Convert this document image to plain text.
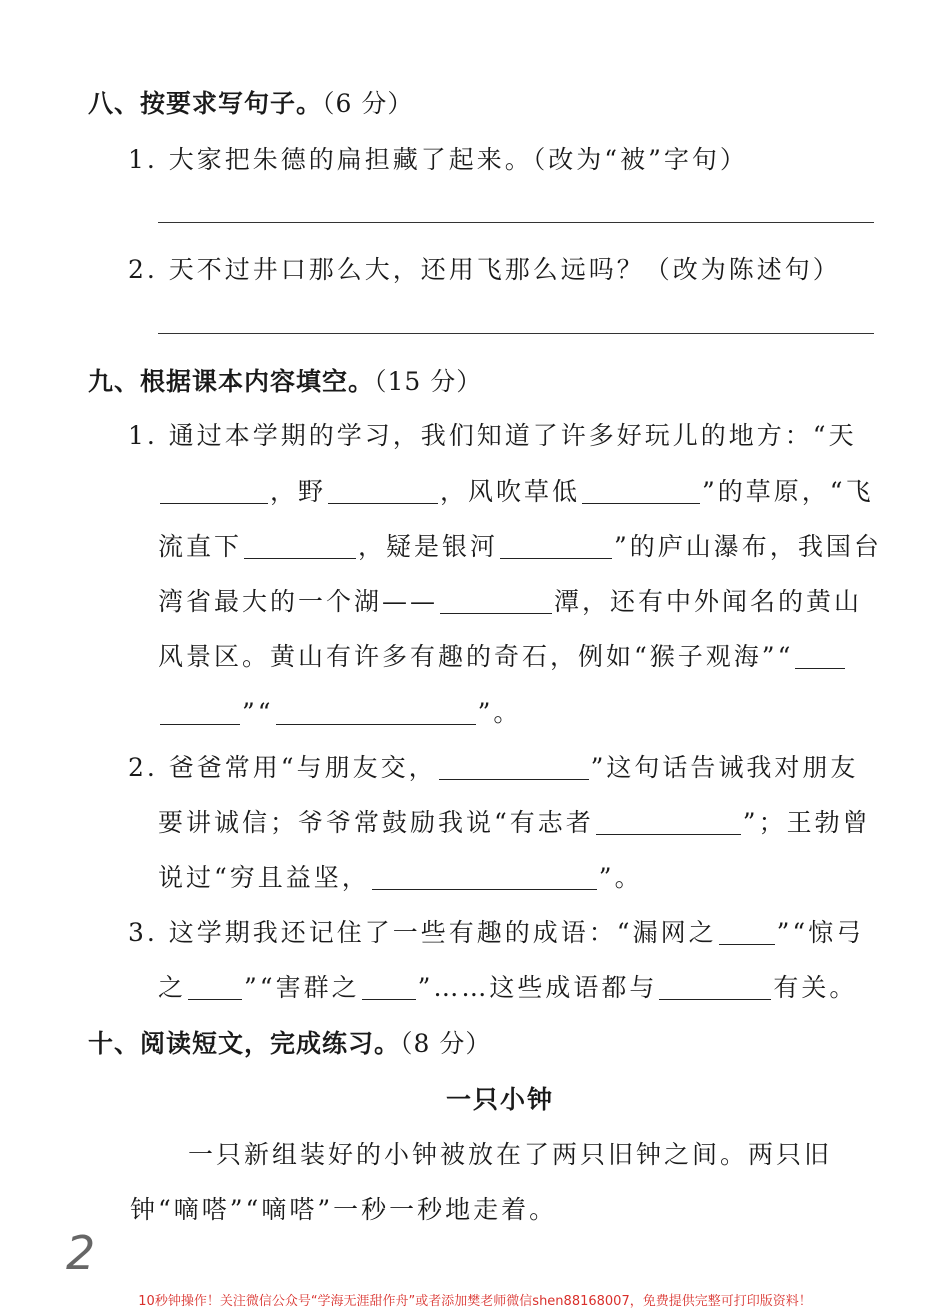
八、按要求写句子。（6 分）
1. 大家把朱德的扁担藏了起来。（改为“被”字句）
2. 天不过井口那么大，还用飞那么远吗？（改为陈述句）
九、根据课本内容填空。（15 分）
1. 通过本学期的学习，我们知道了许多好玩儿的地方：“天
，野	，风吹草低	”的草原，“飞
流直下	，疑是银河	”的庐山瀑布，我国台
湾省最大的一个湖——	潭，还有中外闻名的黄山
风景区。黄山有许多有趣的奇石，例如“猴子观海”“
”“	”。
2. 爸爸常用“与朋友交，	”这句话告诫我对朋友
要讲诚信；爷爷常鼓励我说“有志者	”；王勃曾
说过“穷且益坚，	”。
3. 这学期我还记住了一些有趣的成语：“漏网之 ”“惊弓
之 ”“害群之 ”……这些成语都与	有关。
十、阅读短文，完成练习。（8 分）
一只小钟
一只新组装好的小钟被放在了两只旧钟之间。两只旧
钟“嘀嗒”“嘀嗒”一秒一秒地走着。
2
10秒钟操作！关注微信公众号“学海无涯甜作舟”或者添加樊老师微信shen88168007，免费提供完整可打印版资料！
